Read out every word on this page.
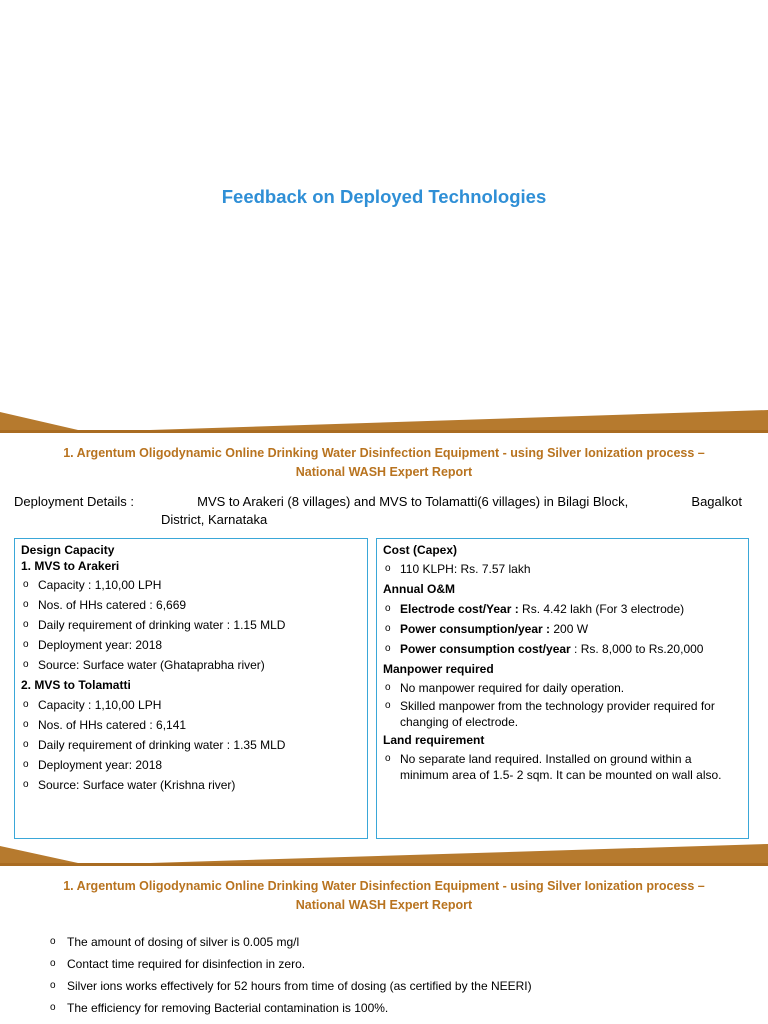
Feedback on Deployed Technologies
1. Argentum Oligodynamic Online Drinking Water Disinfection Equipment - using Silver Ionization process –
National WASH Expert Report
Deployment Details :	MVS to Arakeri (8 villages) and MVS to Tolamatti(6 villages) in Bilagi Block,	Bagalkot
District, Karnataka
Design Capacity
1. MVS to Arakeri
o Capacity : 1,10,00 LPH
o Nos. of HHs catered : 6,669
o Daily requirement of drinking water : 1.15 MLD
o Deployment year: 2018
o Source: Surface water (Ghataprabha river)
2. MVS to Tolamatti
o Capacity : 1,10,00 LPH
o Nos. of HHs catered : 6,141
o Daily requirement of drinking water : 1.35 MLD
o Deployment year: 2018
o Source: Surface water (Krishna river)
Cost (Capex)
o 110 KLPH: Rs. 7.57 lakh
Annual O&M
o Electrode cost/Year : Rs. 4.42 lakh (For 3 electrode)
o Power consumption/year : 200 W
o Power consumption cost/year : Rs. 8,000 to Rs.20,000
Manpower required
o No manpower required for daily operation.
o Skilled manpower from the technology provider required for changing of electrode.
Land requirement
o No separate land required. Installed on ground within a minimum area of 1.5- 2 sqm. It can be mounted on wall also.
1. Argentum Oligodynamic Online Drinking Water Disinfection Equipment - using Silver Ionization process –
National WASH Expert Report
o The amount of dosing of silver is 0.005 mg/l
o Contact time required for disinfection in zero.
o Silver ions works effectively for 52 hours from time of dosing (as certified by the NEERI)
o The efficiency for removing Bacterial contamination is 100%.
